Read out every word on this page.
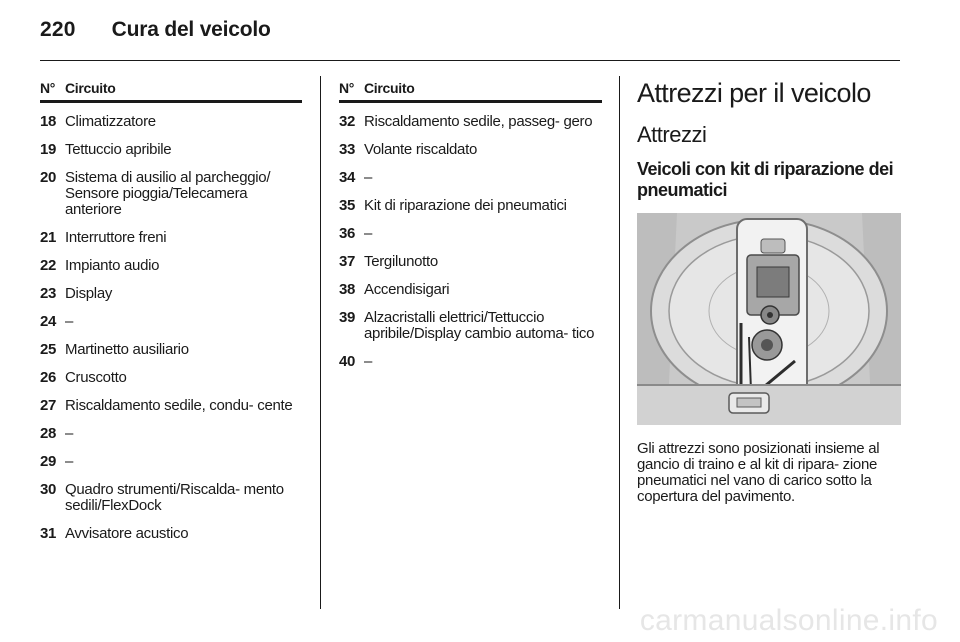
220 Cura del veicolo
N° Circuito
18 Climatizzatore
19 Tettuccio apribile
20 Sistema di ausilio al parcheggio/ Sensore pioggia/Telecamera anteriore
21 Interruttore freni
22 Impianto audio
23 Display
24 –
25 Martinetto ausiliario
26 Cruscotto
27 Riscaldamento sedile, condu- cente
28 –
29 –
30 Quadro strumenti/Riscalda- mento sedili/FlexDock
31 Avvisatore acustico
N° Circuito
32 Riscaldamento sedile, passeg- gero
33 Volante riscaldato
34 –
35 Kit di riparazione dei pneumatici
36 –
37 Tergilunotto
38 Accendisigari
39 Alzacristalli elettrici/Tettuccio apribile/Display cambio automa- tico
40 –
Attrezzi per il veicolo
Attrezzi
Veicoli con kit di riparazione dei pneumatici
Gli attrezzi sono posizionati insieme al gancio di traino e al kit di ripara- zione pneumatici nel vano di carico sotto la copertura del pavimento.
carmanualsonline.info
